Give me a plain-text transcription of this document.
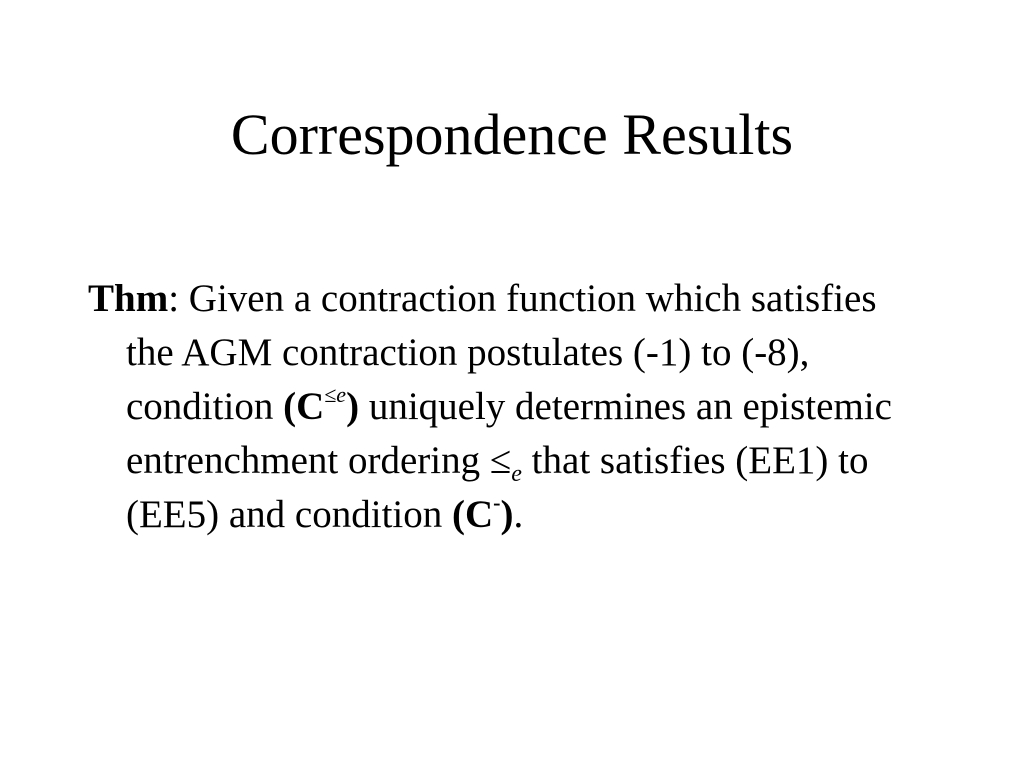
Correspondence Results

Thm: Given a contraction function which satisfies the AGM contraction postulates (-1) to (-8), condition $(C^{\le e})$ uniquely determines an epistemic entrenchment ordering $\le_e$ that satisfies (EE1) to (EE5) and condition (C-).
